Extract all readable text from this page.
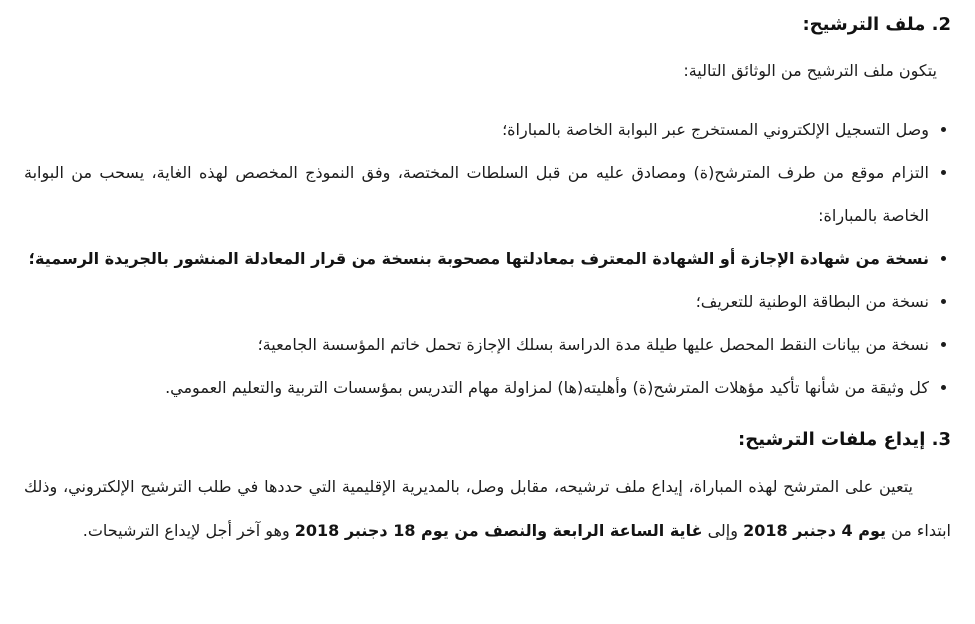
2. ملف الترشيح:

يتكون ملف الترشيح من الوثائق التالية:

• وصل التسجيل الإلكتروني المستخرج عبر البوابة الخاصة بالمباراة؛
• التزام موقع من طرف المترشح(ة) ومصادق عليه من قبل السلطات المختصة، وفق النموذج المخصص لهذه الغاية، يسحب من البوابة الخاصة بالمباراة:
• نسخة من شهادة الإجازة أو الشهادة المعترف بمعادلتها مصحوبة بنسخة من قرار المعادلة المنشور بالجريدة الرسمية؛
• نسخة من البطاقة الوطنية للتعريف؛
• نسخة من بيانات النقط المحصل عليها طيلة مدة الدراسة بسلك الإجازة تحمل خاتم المؤسسة الجامعية؛
• كل وثيقة من شأنها تأكيد مؤهلات المترشح(ة) وأهليته(ها) لمزاولة مهام التدريس بمؤسسات التربية والتعليم العمومي.
3. إيداع ملفات الترشيح:

يتعين على المترشح لهذه المباراة، إيداع ملف ترشيحه، مقابل وصل، بالمديرية الإقليمية التي حددها في طلب الترشيح الإلكتروني، وذلك ابتداء من يوم 4 دجنبر 2018 وإلى غاية الساعة الرابعة والنصف من يوم 18 دجنبر 2018 وهو آخر أجل لإيداع الترشيحات.
